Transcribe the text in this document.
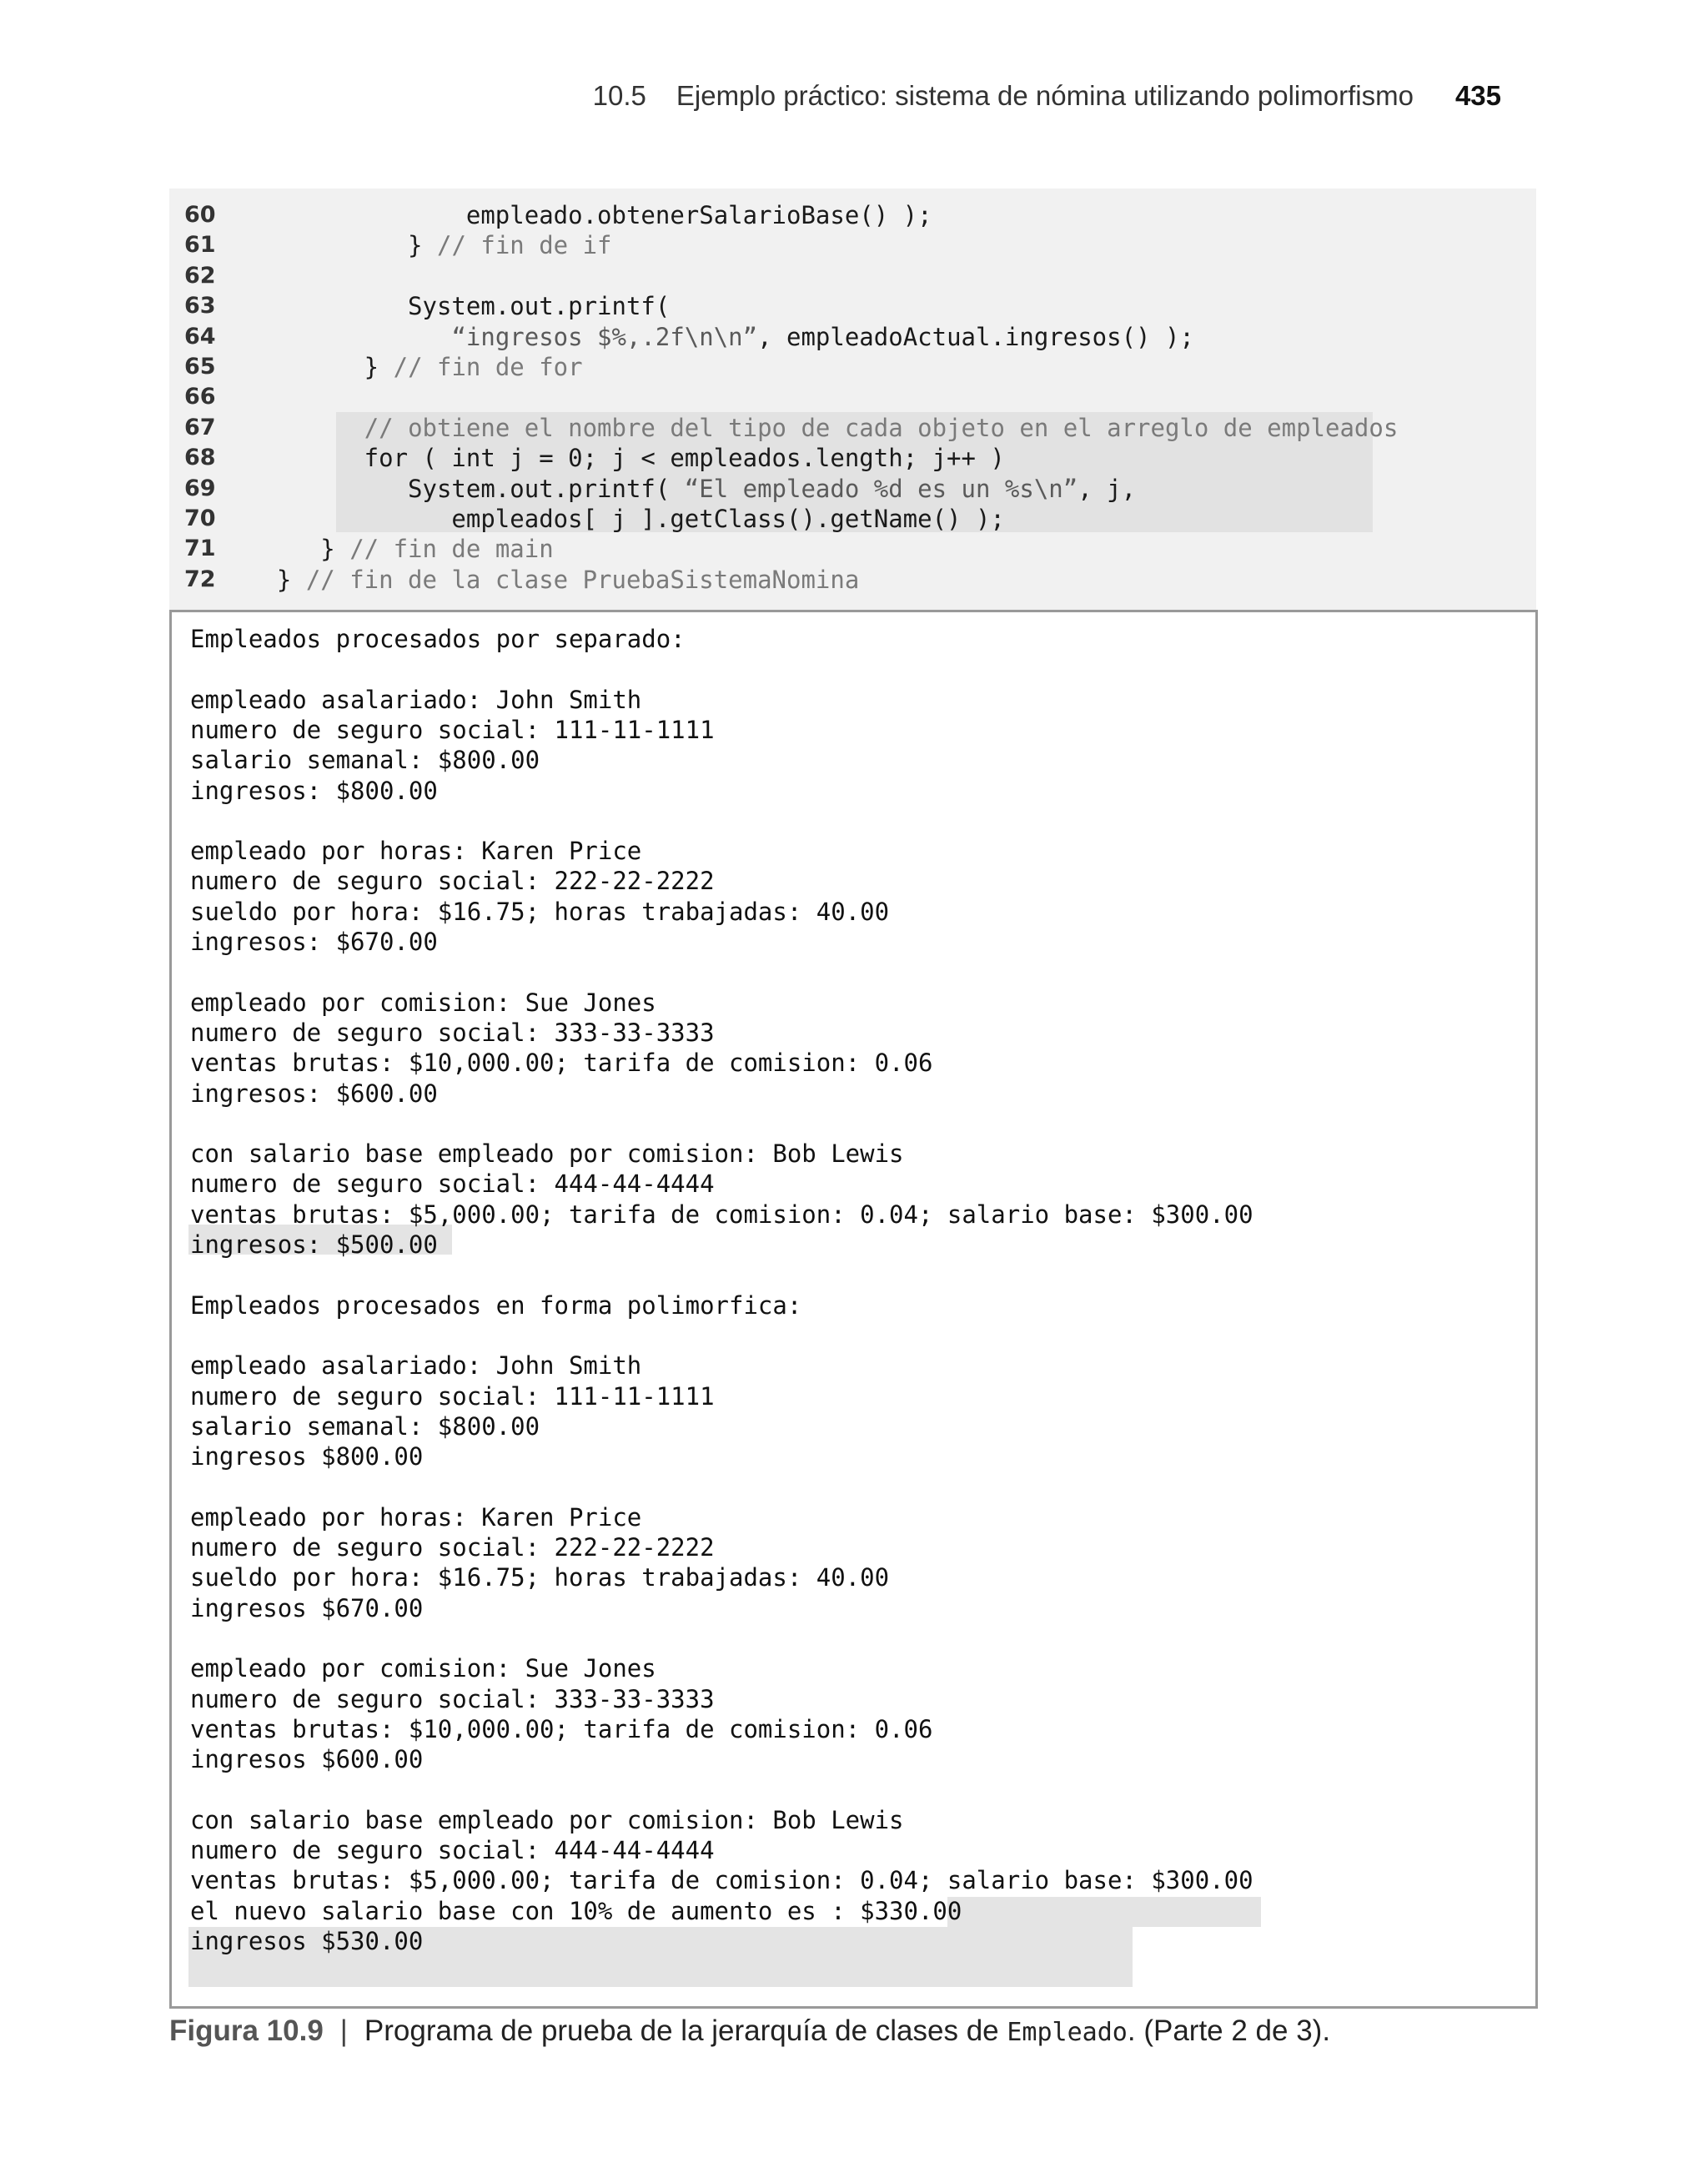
10.5 Ejemplo práctico: sistema de nómina utilizando polimorfismo 435
60	empleado.obtenerSalarioBase() );
61	} // fin de if
62
63	System.out.printf(
64	“ingresos $%,.2f\n\n”, empleadoActual.ingresos() );
65	} // fin de for
66
67	// obtiene el nombre del tipo de cada objeto en el arreglo de empleados
68	for ( int j = 0; j < empleados.length; j++ )
69	System.out.printf( “El empleado %d es un %s\n”, j,
70	empleados[ j ].getClass().getName() );
71	} // fin de main
72	} // fin de la clase PruebaSistemaNomina
Empleados procesados por separado:
empleado asalariado: John Smith
numero de seguro social: 111-11-1111
salario semanal: $800.00
ingresos: $800.00
empleado por horas: Karen Price
numero de seguro social: 222-22-2222
sueldo por hora: $16.75; horas trabajadas: 40.00
ingresos: $670.00
empleado por comision: Sue Jones
numero de seguro social: 333-33-3333
ventas brutas: $10,000.00; tarifa de comision: 0.06
ingresos: $600.00
con salario base empleado por comision: Bob Lewis
numero de seguro social: 444-44-4444
ventas brutas: $5,000.00; tarifa de comision: 0.04; salario base: $300.00
ingresos: $500.00
Empleados procesados en forma polimorfica:
empleado asalariado: John Smith
numero de seguro social: 111-11-1111
salario semanal: $800.00
ingresos $800.00
empleado por horas: Karen Price
numero de seguro social: 222-22-2222
sueldo por hora: $16.75; horas trabajadas: 40.00
ingresos $670.00
empleado por comision: Sue Jones
numero de seguro social: 333-33-3333
ventas brutas: $10,000.00; tarifa de comision: 0.06
ingresos $600.00
con salario base empleado por comision: Bob Lewis
numero de seguro social: 444-44-4444
ventas brutas: $5,000.00; tarifa de comision: 0.04; salario base: $300.00
el nuevo salario base con 10% de aumento es : $330.00
ingresos $530.00
Figura 10.9 | Programa de prueba de la jerarquía de clases de Empleado. (Parte 2 de 3).
